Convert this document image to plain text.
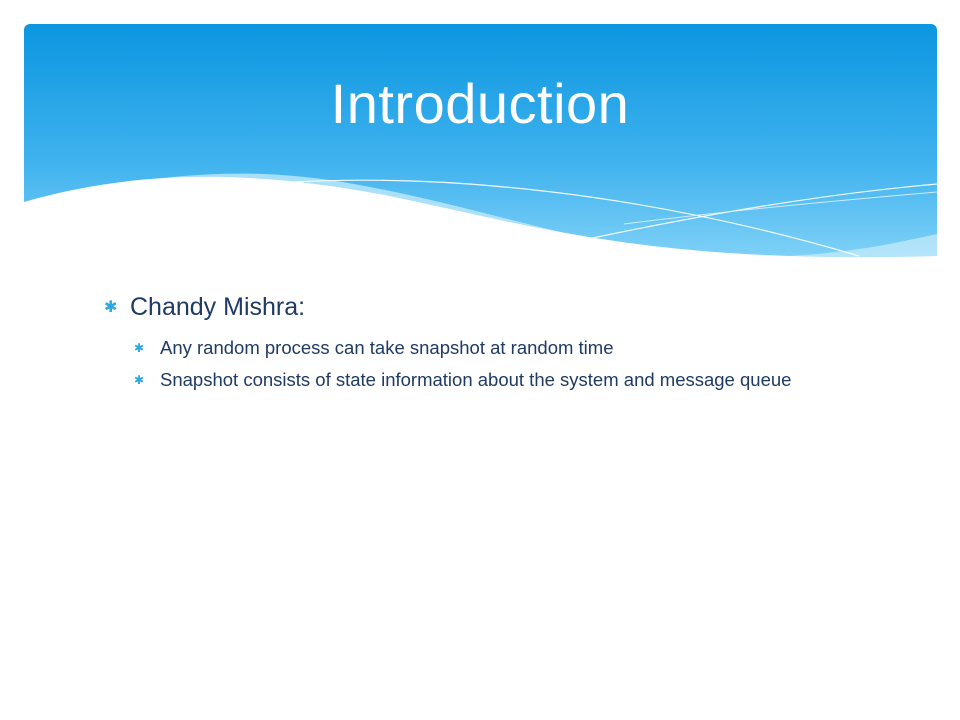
Introduction
✱ Chandy Mishra:
✱ Any random process can take snapshot at random time
✱ Snapshot consists of state information about the system and message queue
